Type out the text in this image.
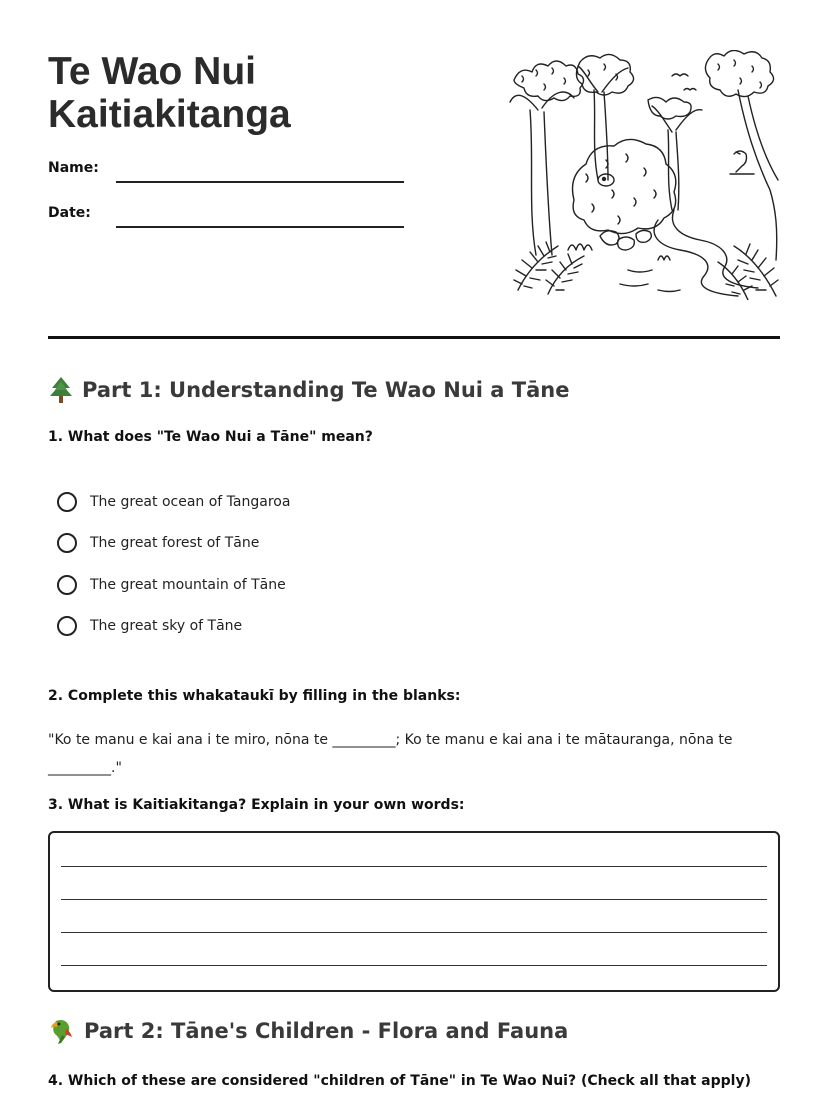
Te Wao Nui
Kaitiakitanga
Name:
Date:
Part 1: Understanding Te Wao Nui a Tāne
1. What does "Te Wao Nui a Tāne" mean?
The great ocean of Tangaroa
The great forest of Tāne
The great mountain of Tāne
The great sky of Tāne
2. Complete this whakataukī by filling in the blanks:

"Ko te manu e kai ana i te miro, nōna te _________; Ko te manu e kai ana i te mātauranga, nōna te _________."

3. What is Kaitiakitanga? Explain in your own words:
Part 2: Tāne's Children - Flora and Fauna
4. Which of these are considered "children of Tāne" in Te Wao Nui? (Check all that apply)
